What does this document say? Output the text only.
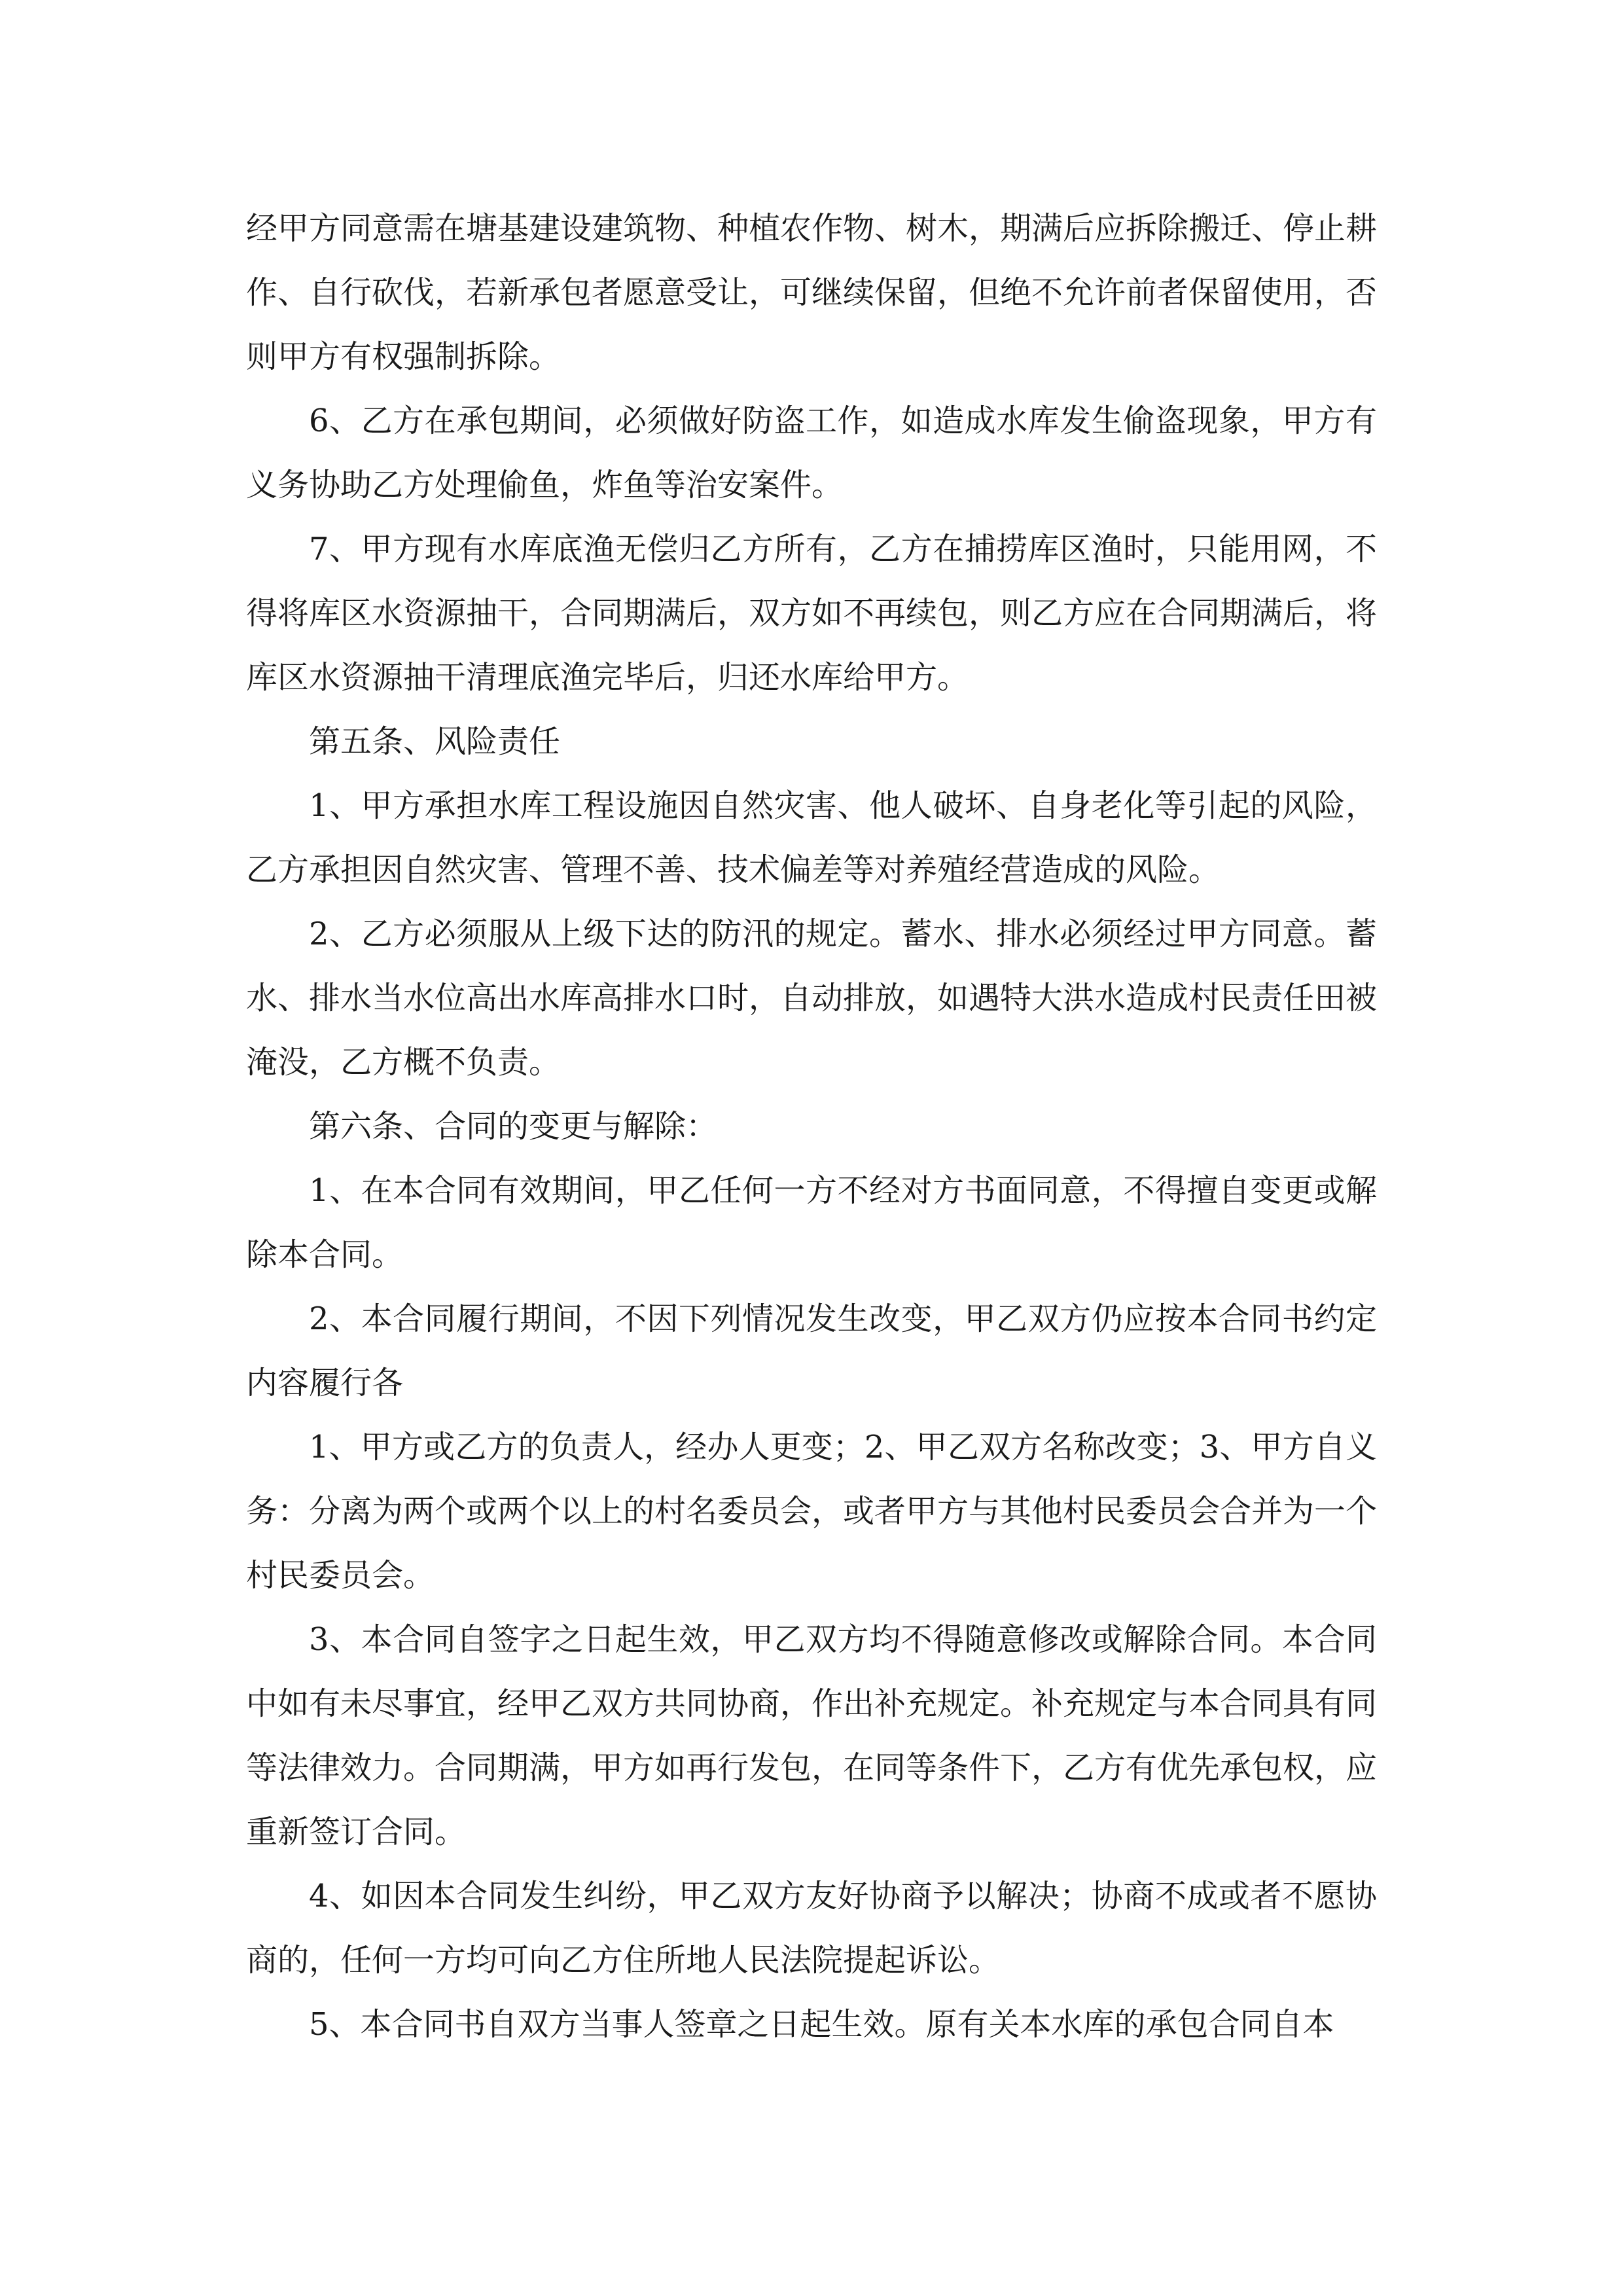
经甲方同意需在塘基建设建筑物、种植农作物、树木，期满后应拆除搬迁、停止耕作、自行砍伐，若新承包者愿意受让，可继续保留，但绝不允许前者保留使用，否则甲方有权强制拆除。

6、乙方在承包期间，必须做好防盗工作，如造成水库发生偷盗现象，甲方有义务协助乙方处理偷鱼，炸鱼等治安案件。

7、甲方现有水库底渔无偿归乙方所有，乙方在捕捞库区渔时，只能用网，不得将库区水资源抽干，合同期满后，双方如不再续包，则乙方应在合同期满后，将库区水资源抽干清理底渔完毕后，归还水库给甲方。

第五条、风险责任

1、甲方承担水库工程设施因自然灾害、他人破坏、自身老化等引起的风险，乙方承担因自然灾害、管理不善、技术偏差等对养殖经营造成的风险。

2、乙方必须服从上级下达的防汛的规定。蓄水、排水必须经过甲方同意。蓄水、排水当水位高出水库高排水口时，自动排放，如遇特大洪水造成村民责任田被淹没，乙方概不负责。

第六条、合同的变更与解除：

1、在本合同有效期间，甲乙任何一方不经对方书面同意，不得擅自变更或解除本合同。

2、本合同履行期间，不因下列情况发生改变，甲乙双方仍应按本合同书约定内容履行各

1、甲方或乙方的负责人，经办人更变；2、甲乙双方名称改变；3、甲方自义务：分离为两个或两个以上的村名委员会，或者甲方与其他村民委员会合并为一个村民委员会。

3、本合同自签字之日起生效，甲乙双方均不得随意修改或解除合同。本合同中如有未尽事宜，经甲乙双方共同协商，作出补充规定。补充规定与本合同具有同等法律效力。合同期满，甲方如再行发包，在同等条件下，乙方有优先承包权，应重新签订合同。

4、如因本合同发生纠纷，甲乙双方友好协商予以解决；协商不成或者不愿协商的，任何一方均可向乙方住所地人民法院提起诉讼。

5、本合同书自双方当事人签章之日起生效。原有关本水库的承包合同自本
